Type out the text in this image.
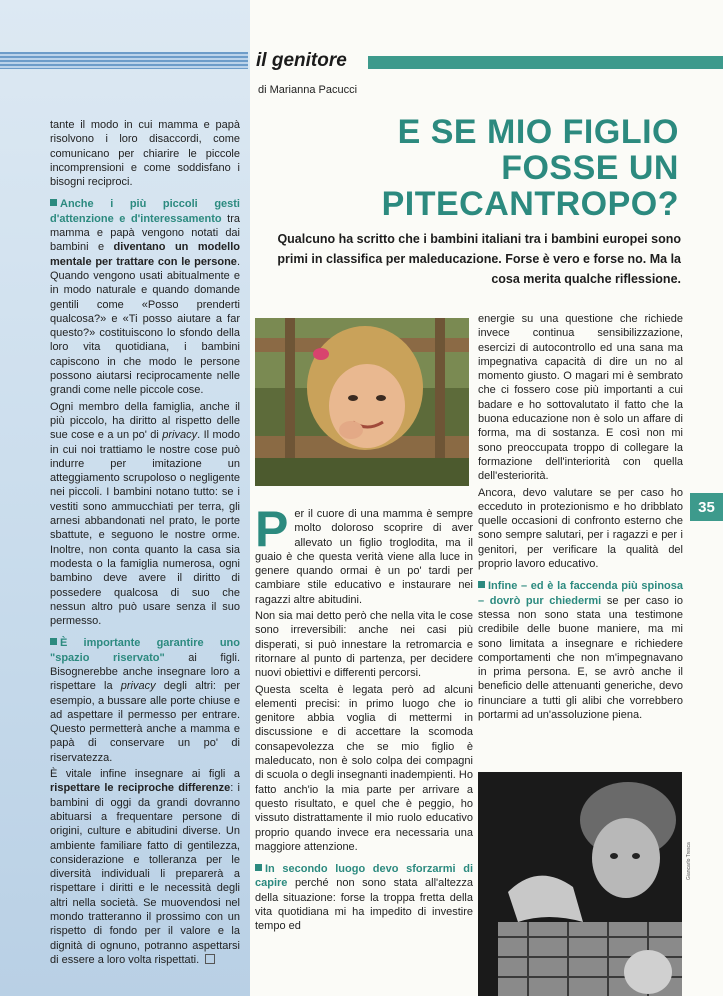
il genitore
di Marianna Pacucci
E SE MIO FIGLIO
FOSSE UN
PITECANTROPO?
Qualcuno ha scritto che i bambini italiani tra i bambini europei sono primi in classifica per maleducazione. Forse è vero e forse no. Ma la cosa merita qualche riflessione.

tante il modo in cui mamma e papà risolvono i loro disaccordi, come comunicano per chiarire le piccole incomprensioni e come soddisfano i bisogni reciproci.

Anche i più piccoli gesti d'attenzione e d'interessamento tra mamma e papà vengono notati dai bambini e diventano un modello mentale per trattare con le persone. Quando vengono usati abitualmente e in modo naturale e quando domande gentili come «Posso prenderti qualcosa?» e «Ti posso aiutare a far questo?» costituiscono lo sfondo della loro vita quotidiana, i bambini capiscono in che modo le persone possono aiutarsi reciprocamente nelle grandi come nelle piccole cose.

Ogni membro della famiglia, anche il più piccolo, ha diritto al rispetto delle sue cose e a un po' di privacy. Il modo in cui noi trattiamo le nostre cose può indurre per imitazione un atteggiamento scrupoloso o negligente nei piccoli. I bambini notano tutto: se i vestiti sono ammucchiati per terra, gli arnesi abbandonati nel prato, le porte sbattute, e seguono le nostre orme. Inoltre, non conta quanto la casa sia modesta o la famiglia numerosa, ogni bambino deve avere il diritto di possedere qualcosa di suo che nessun altro può usare senza il suo permesso.

È importante garantire uno "spazio riservato" ai figli. Bisognerebbe anche insegnare loro a rispettare la privacy degli altri: per esempio, a bussare alle porte chiuse e ad aspettare il permesso per entrare. Questo permetterà anche a mamma e papà di conservare un po' di riservatezza.

È vitale infine insegnare ai figli a rispettare le reciproche differenze: i bambini di oggi da grandi dovranno abituarsi a frequentare persone di origini, culture e abitudini diverse. Un ambiente familiare fatto di gentilezza, considerazione e tolleranza per le diversità individuali li preparerà a rispettare i diritti e le necessità degli altri nella società. Se muovendosi nel mondo tratteranno il prossimo con un rispetto di fondo per il valore e la dignità di ognuno, potranno aspettarsi di essere a loro volta rispettati.

Per il cuore di una mamma è sempre molto doloroso scoprire di aver allevato un figlio troglodita, ma il guaio è che questa verità viene alla luce in genere quando ormai è un po' tardi per cambiare stile educativo e instaurare nei ragazzi altre abitudini.

Non sia mai detto però che nella vita le cose sono irreversibili: anche nei casi più disperati, si può innestare la retromarcia e ritornare al punto di partenza, per decidere nuovi obiettivi e differenti percorsi.

Questa scelta è legata però ad alcuni elementi precisi: in primo luogo che io genitore abbia voglia di mettermi in discussione e di accettare la scomoda consapevolezza che se mio figlio è maleducato, non è solo colpa dei compagni di scuola o degli insegnanti inadempienti. Ho fatto anch'io la mia parte per arrivare a questo risultato, e quel che è peggio, ho vissuto distrattamente il mio ruolo educativo proprio quando invece era necessaria una maggiore attenzione.

In secondo luogo devo sforzarmi di capire perché non sono stata all'altezza della situazione: forse la troppa fretta della vita quotidiana mi ha impedito di investire tempo ed

energie su una questione che richiede invece continua sensibilizzazione, esercizi di autocontrollo ed una sana ma impegnativa capacità di dire un no al momento giusto. O magari mi è sembrato che ci fossero cose più importanti a cui badare e ho sottovalutato il fatto che la buona educazione non è solo un affare di forma, ma di sostanza. E così non mi sono preoccupata troppo di collegare la formazione dell'interiorità con quella dell'esteriorità.

Ancora, devo valutare se per caso ho ecceduto in protezionismo e ho dribblato quelle occasioni di confronto esterno che sono sempre salutari, per i ragazzi e per i genitori, per verificare la qualità del proprio lavoro educativo.

Infine – ed è la faccenda più spinosa – dovrò pur chiedermi se per caso io stessa non sono stata una testimone credibile delle buone maniere, ma mi sono limitata a insegnare e richiedere comportamenti che non m'impegnavano in prima persona. E, se avrò anche il beneficio delle attenuanti generiche, devo rinunciare a tutti gli alibi che vorrebbero portarmi ad un'assoluzione piena.

Giancarlo Tresca
35
